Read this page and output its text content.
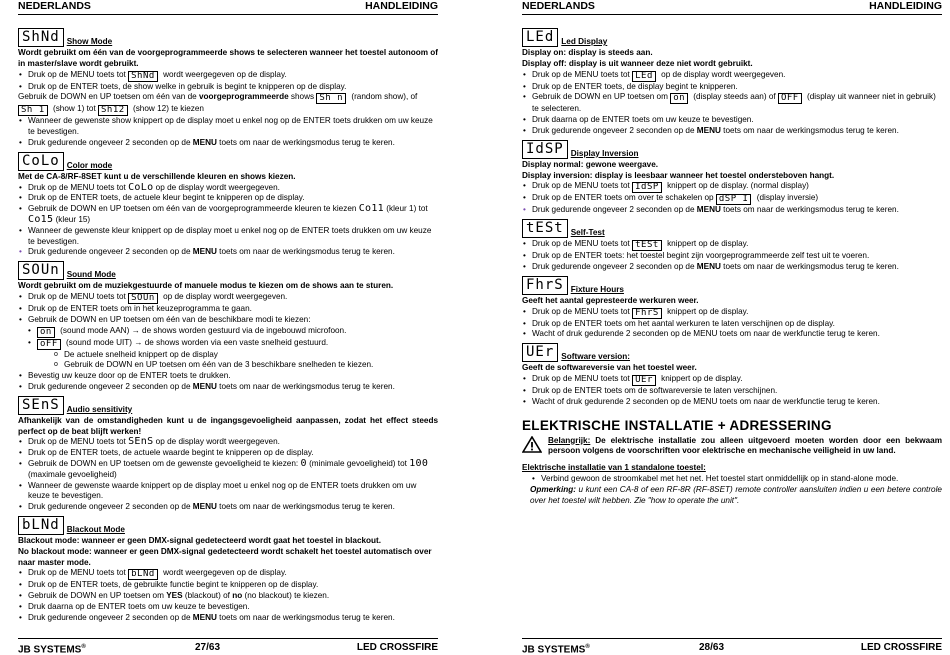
NEDERLANDS	HANDLEIDING
ShNd Show Mode

Wordt gebruikt om één van de voorgeprogrammeerde shows te selecteren wanneer het toestel autonoom of in master/slave wordt gebruikt.

• Druk op de MENU toets tot ShNd wordt weergegeven op de display.
• Druk op de ENTER toets, de show welke in gebruik is begint te knipperen op de display.

Gebruik de DOWN en UP toetsen om één van de voorgeprogrammeerde shows Sh n (random show), of

Sh 1 (show 1) tot Sh12 (show 12) te kiezen

• Wanneer de gewenste show knippert op de display moet u enkel nog op de ENTER toets drukken om uw keuze te bevestigen.
• Druk gedurende ongeveer 2 seconden op de MENU toets om naar de werkingsmodus terug te keren.
CoLo Color mode

Met de CA-8/RF-8SET kunt u de verschillende kleuren en shows kiezen.

• Druk op de MENU toets tot CoLo op de display wordt weergegeven.
• Druk op de ENTER toets, de actuele kleur begint te knipperen op de display.
• Gebruik de DOWN en UP toetsen om één van de voorgeprogrammeerde kleuren te kiezen Co11 (kleur 1) tot Co15 (kleur 15)
• Wanneer de gewenste kleur knippert op de display moet u enkel nog op de ENTER toets drukken om uw keuze te bevestigen.
• Druk gedurende ongeveer 2 seconden op de MENU toets om naar de werkingsmodus terug te keren.
SOUn Sound Mode

Wordt gebruikt om de muziekgestuurde of manuele modus te kiezen om de shows aan te sturen.

• Druk op de MENU toets tot SOUn op de display wordt weergegeven.
• Druk op de ENTER toets om in het keuzeprogramma te gaan.
• Gebruik de DOWN en UP toetsen om één van de beschikbare modi te kiezen:
• on (sound mode AAN) → de shows worden gestuurd via de ingebouwd microfoon.
• oFF (sound mode UIT) → de shows worden via een vaste snelheid gestuurd.
o De actuele snelheid knippert op de display
o Gebruik de DOWN en UP toetsen om één van de 3 beschikbare snelheden te kiezen.
• Bevestig uw keuze door op de ENTER toets te drukken.
• Druk gedurende ongeveer 2 seconden op de MENU toets om naar de werkingsmodus terug te keren.
SEnS Audio sensitivity

Afhankelijk van de omstandigheden kunt u de ingangsgevoeligheid aanpassen, zodat het effect steeds perfect op de beat blijft werken!

• Druk op de MENU toets tot SEnS op de display wordt weergegeven.
• Druk op de ENTER toets, de actuele waarde begint te knipperen op de display.
• Gebruik de DOWN en UP toetsen om de gewenste gevoeligheid te kiezen: 0 (minimale gevoeligheid) tot 100 (maximale gevoeligheid)
• Wanneer de gewenste waarde knippert op de display moet u enkel nog op de ENTER toets drukken om uw keuze te bevestigen.
• Druk gedurende ongeveer 2 seconden op de MENU toets om naar de werkingsmodus terug te keren.
bLNd Blackout Mode

Blackout mode: wanneer er geen DMX-signal gedetecteerd wordt gaat het toestel in blackout.

No blackout mode: wanneer er geen DMX-signal gedetecteerd wordt schakelt het toestel automatisch over naar master mode.

• Druk op de MENU toets tot bLNd wordt weergegeven op de display.
• Druk op de ENTER toets, de gebruikte functie begint te knipperen op de display.
• Gebruik de DOWN en UP toetsen om YES (blackout) of no (no blackout) te kiezen.
• Druk daarna op de ENTER toets om uw keuze te bevestigen.
• Druk gedurende ongeveer 2 seconden op de MENU toets om naar de werkingsmodus terug te keren.
JB SYSTEMS®	27/63	LED CROSSFIRE
NEDERLANDS	HANDLEIDING
LEd Led Display

Display on: display is steeds aan.

Display off: display is uit wanneer deze niet wordt gebruikt.

• Druk op de MENU toets tot LEd op de display wordt weergegeven.
• Druk op de ENTER toets, de display begint te knipperen.
• Gebruik de DOWN en UP toetsen om on (display steeds aan) of OFF (display uit wanneer niet in gebruik) te selecteren.
• Druk daarna op de ENTER toets om uw keuze te bevestigen.
• Druk gedurende ongeveer 2 seconden op de MENU toets om naar de werkingsmodus terug te keren.
IdSP Display Inversion

Display normal: gewone weergave.

Display inversion: display is leesbaar wanneer het toestel ondersteboven hangt.

• Druk op de MENU toets tot IdSP knippert op de display. (normal display)
• Druk op de ENTER toets om over te schakelen op dSP I (display inversie)
• Druk gedurende ongeveer 2 seconden op de MENU toets om naar de werkingsmodus terug te keren.
tESt Self-Test
• Druk op de MENU toets tot tESt knippert op de display.
• Druk op de ENTER toets: het toestel begint zijn voorgeprogrammeerde zelf test uit te voeren.
• Druk gedurende ongeveer 2 seconden op de MENU toets om naar de werkingsmodus terug te keren.
FhrS Fixture Hours

Geeft het aantal gepresteerde werkuren weer.

• Druk op de MENU toets tot FhrS knippert op de display.
• Druk op de ENTER toets om het aantal werkuren te laten verschijnen op de display.
• Wacht of druk gedurende 2 seconden op de MENU toets om naar de werkfunctie terug te keren.
UEr Software version:

Geeft de softwareversie van het toestel weer.

• Druk op de MENU toets tot UEr knippert op de display.
• Druk op de ENTER toets om de softwareversie te laten verschijnen.
• Wacht of druk gedurende 2 seconden op de MENU toets om naar de werkfunctie terug te keren.
ELEKTRISCHE INSTALLATIE + ADRESSERING

Belangrijk: De elektrische installatie zou alleen uitgevoerd moeten worden door een bekwaam persoon volgens de voorschriften voor elektrische en mechanische veiligheid in uw land.

Elektrische installatie van 1 standalone toestel:

• Verbind gewoon de stroomkabel met het net. Het toestel start onmiddellijk op in stand-alone mode.

Opmerking: u kunt een CA-8 of een RF-8R (RF-8SET) remote controller aansluiten indien u een betere controle over het toestel wilt hebben. Zie "how to operate the unit".

JB SYSTEMS®	28/63	LED CROSSFIRE
